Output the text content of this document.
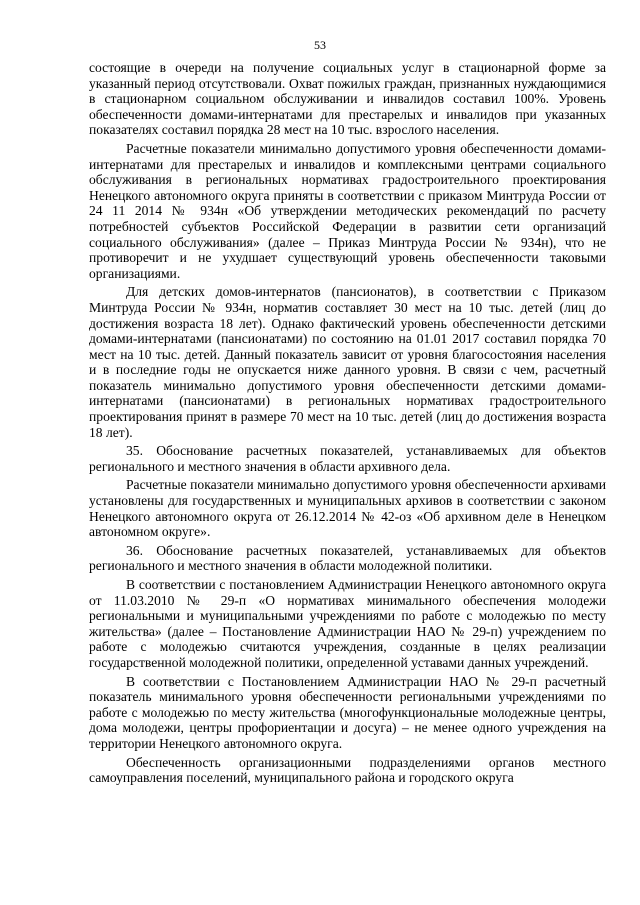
53

состоящие в очереди на получение социальных услуг в стационарной форме за указанный период отсутствовали. Охват пожилых граждан, признанных нуждающимися в стационарном социальном обслуживании и инвалидов составил 100%. Уровень обеспеченности домами-интернатами для престарелых и инвалидов при указанных показателях составил порядка 28 мест на 10 тыс. взрослого населения.

Расчетные показатели минимально допустимого уровня обеспеченности домами-интернатами для престарелых и инвалидов и комплексными центрами социального обслуживания в региональных нормативах градостроительного проектирования Ненецкого автономного округа приняты в соответствии с приказом Минтруда России от 24 11 2014 № 934н «Об утверждении методических рекомендаций по расчету потребностей субъектов Российской Федерации в развитии сети организаций социального обслуживания» (далее – Приказ Минтруда России № 934н), что не противоречит и не ухудшает существующий уровень обеспеченности таковыми организациями.

Для детских домов-интернатов (пансионатов), в соответствии с Приказом Минтруда России № 934н, норматив составляет 30 мест на 10 тыс. детей (лиц до достижения возраста 18 лет). Однако фактический уровень обеспеченности детскими домами-интернатами (пансионатами) по состоянию на 01.01 2017 составил порядка 70 мест на 10 тыс. детей. Данный показатель зависит от уровня благосостояния населения и в последние годы не опускается ниже данного уровня. В связи с чем, расчетный показатель минимально допустимого уровня обеспеченности детскими домами-интернатами (пансионатами) в региональных нормативах градостроительного проектирования принят в размере 70 мест на 10 тыс. детей (лиц до достижения возраста 18 лет).

35. Обоснование расчетных показателей, устанавливаемых для объектов регионального и местного значения в области архивного дела.

Расчетные показатели минимально допустимого уровня обеспеченности архивами установлены для государственных и муниципальных архивов в соответствии с законом Ненецкого автономного округа от 26.12.2014 № 42-оз «Об архивном деле в Ненецком автономном округе».

36. Обоснование расчетных показателей, устанавливаемых для объектов регионального и местного значения в области молодежной политики.

В соответствии с постановлением Администрации Ненецкого автономного округа от 11.03.2010 № 29-п «О нормативах минимального обеспечения молодежи региональными и муниципальными учреждениями по работе с молодежью по месту жительства» (далее – Постановление Администрации НАО № 29-п) учреждением по работе с молодежью считаются учреждения, созданные в целях реализации государственной молодежной политики, определенной уставами данных учреждений.

В соответствии с Постановлением Администрации НАО № 29-п расчетный показатель минимального уровня обеспеченности региональными учреждениями по работе с молодежью по месту жительства (многофункциональные молодежные центры, дома молодежи, центры профориентации и досуга) – не менее одного учреждения на территории Ненецкого автономного округа.

Обеспеченность организационными подразделениями органов местного самоуправления поселений, муниципального района и городского округа
